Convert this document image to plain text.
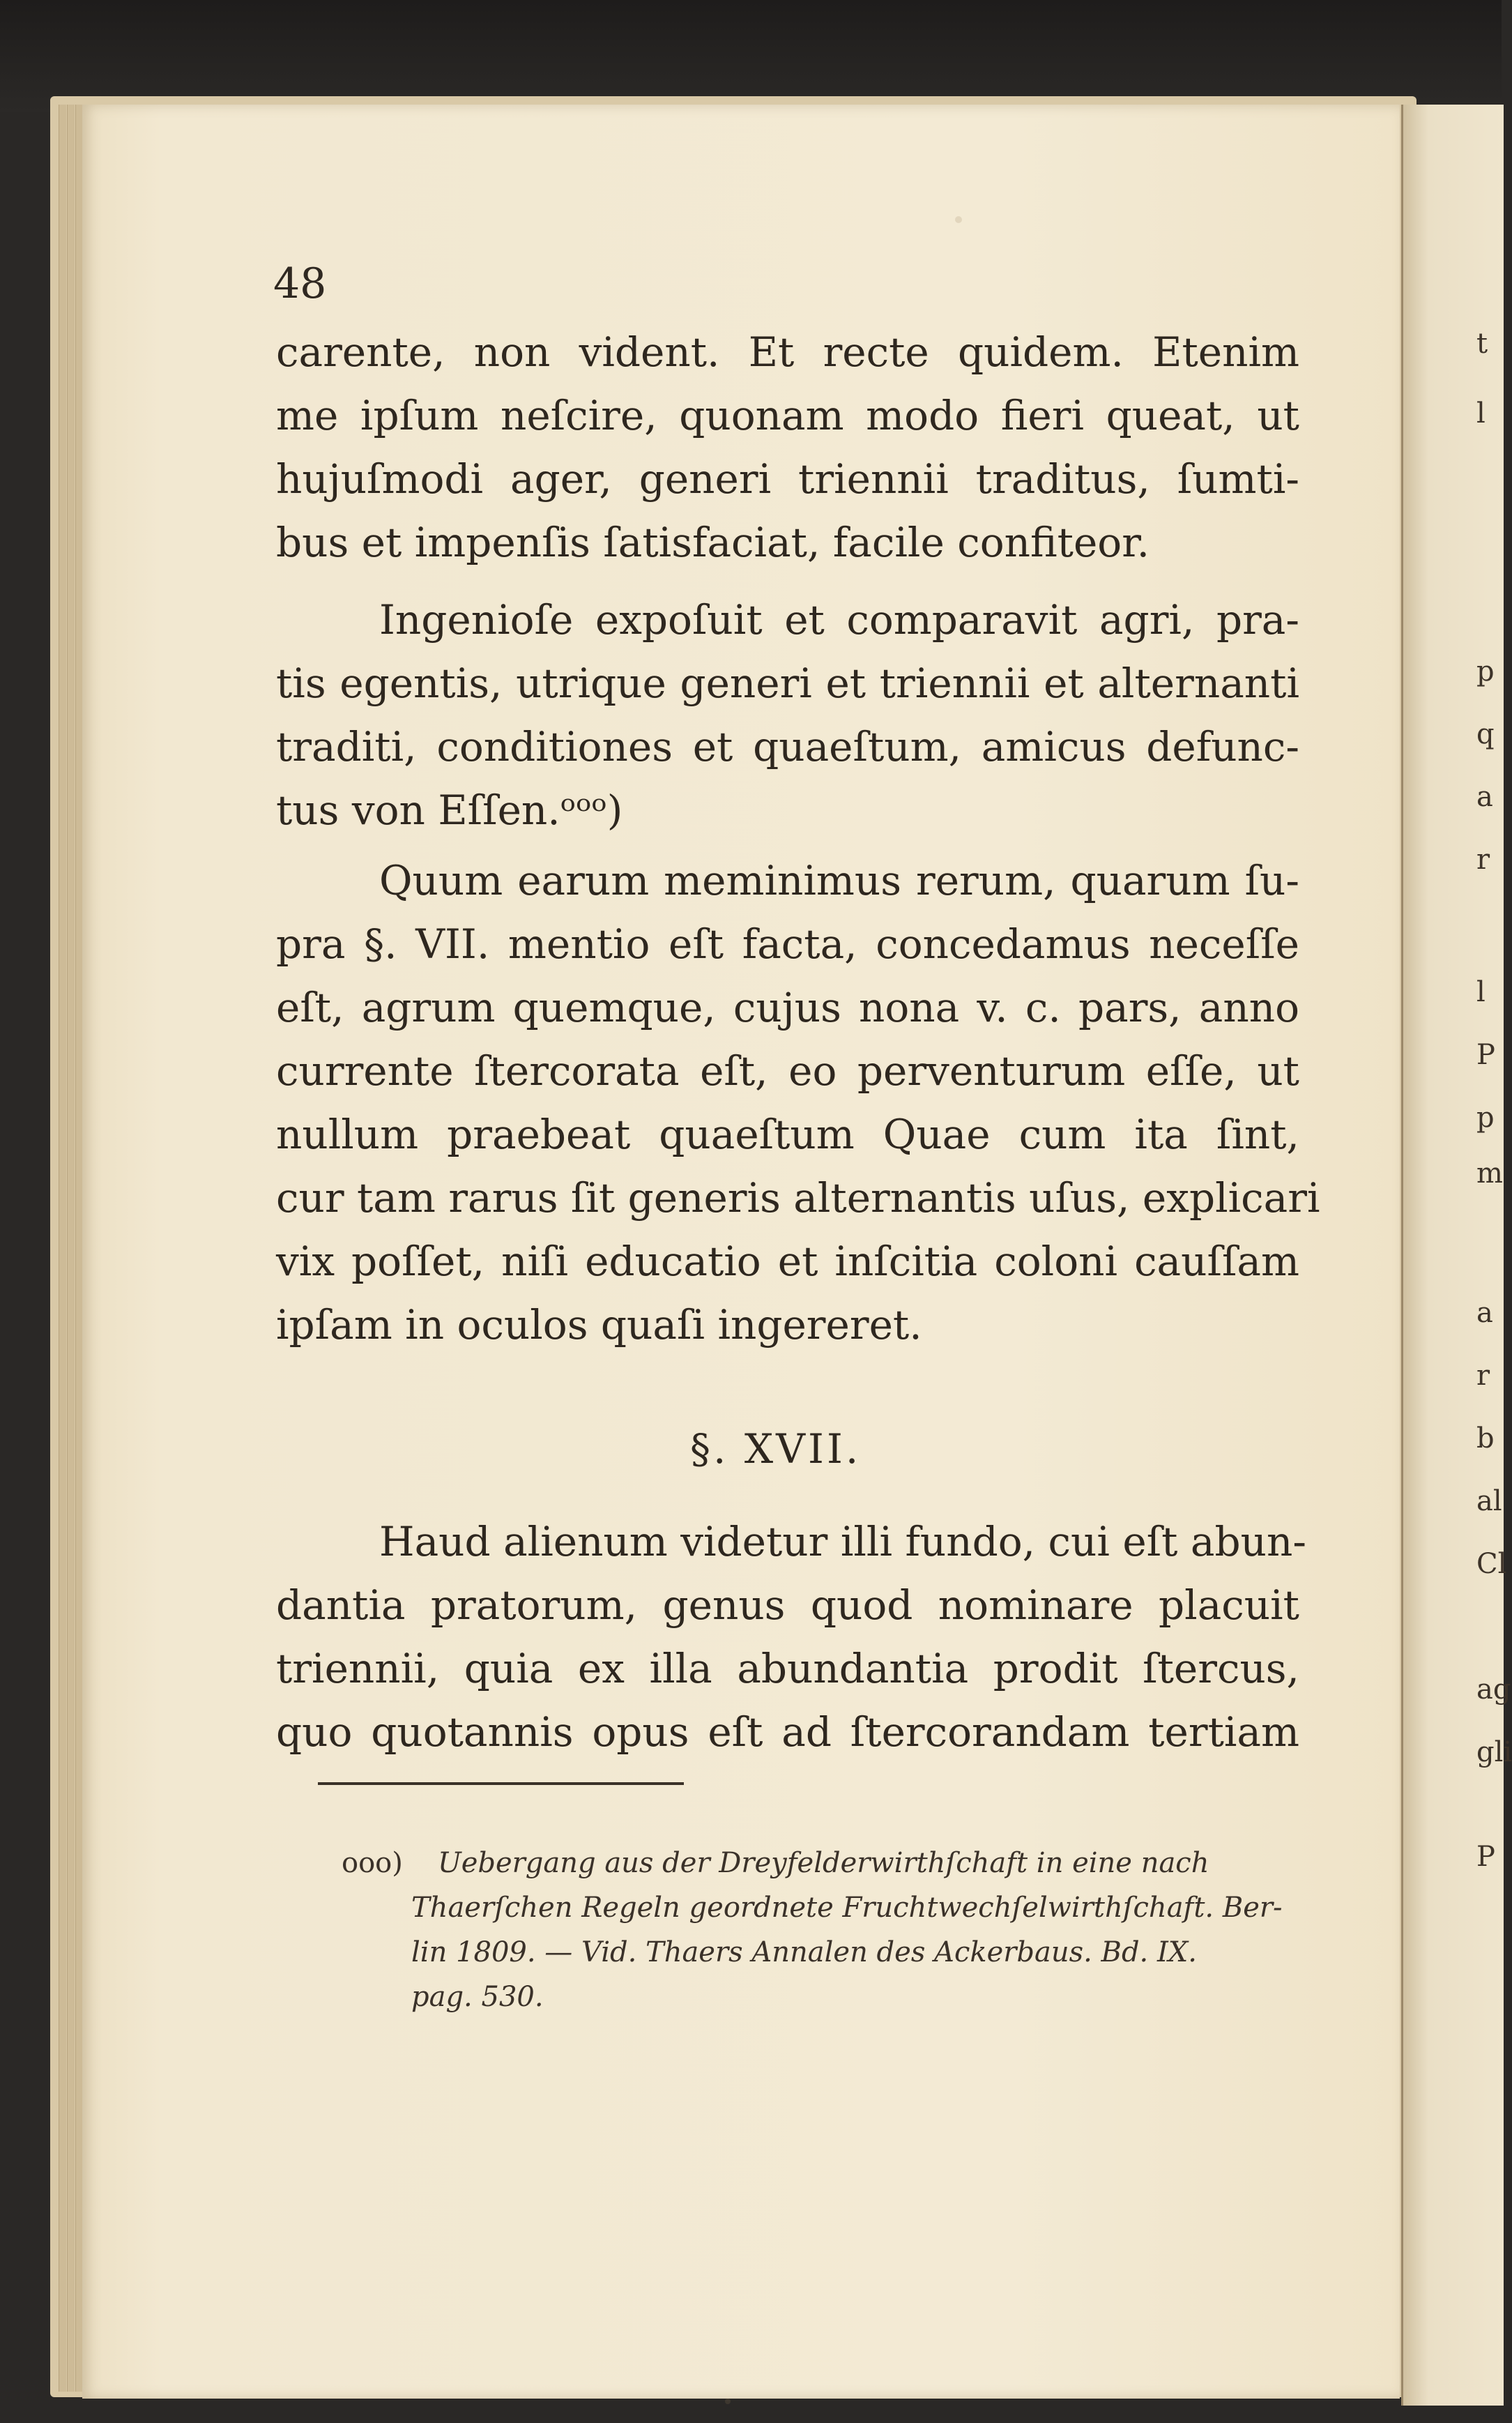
t
l
p
q
a
r
l
P
p
m
a
r
b
al
Cl
ag
gli
P
48
carente, non vident. Et recte quidem. Etenim
me ipſum neſcire, quonam modo fieri queat, ut
hujuſmodi ager, generi triennii traditus, ſumti-
bus et impenſis ſatisfaciat, facile confiteor.
Ingenioſe expoſuit et comparavit agri, pra-
tis egentis, utrique generi et triennii et alternanti
traditi, conditiones et quaeſtum, amicus defunc-
tus von Eſſen.ᵒᵒᵒ)
Quum earum meminimus rerum, quarum ſu-
pra §. VII. mentio eſt facta, concedamus neceſſe
eſt, agrum quemque, cujus nona v. c. pars, anno
currente ſtercorata eſt, eo perventurum eſſe, ut
nullum praebeat quaeſtum Quae cum ita ſint,
cur tam rarus ſit generis alternantis uſus, explicari
vix poſſet, niſi educatio et inſcitia coloni cauſſam
ipſam in oculos quaſi ingereret.
§. XVII.
Haud alienum videtur illi fundo, cui eſt abun-
dantia pratorum, genus quod nominare placuit
triennii, quia ex illa abundantia prodit ſtercus,
quo quotannis opus eſt ad ſtercorandam tertiam
ooo)	Uebergang aus der Dreyfelderwirthſchaft in eine nach
Thaerſchen Regeln geordnete Fruchtwechſelwirthſchaft. Ber-
lin 1809. — Vid. Thaers Annalen des Ackerbaus. Bd. IX.
pag. 530.
